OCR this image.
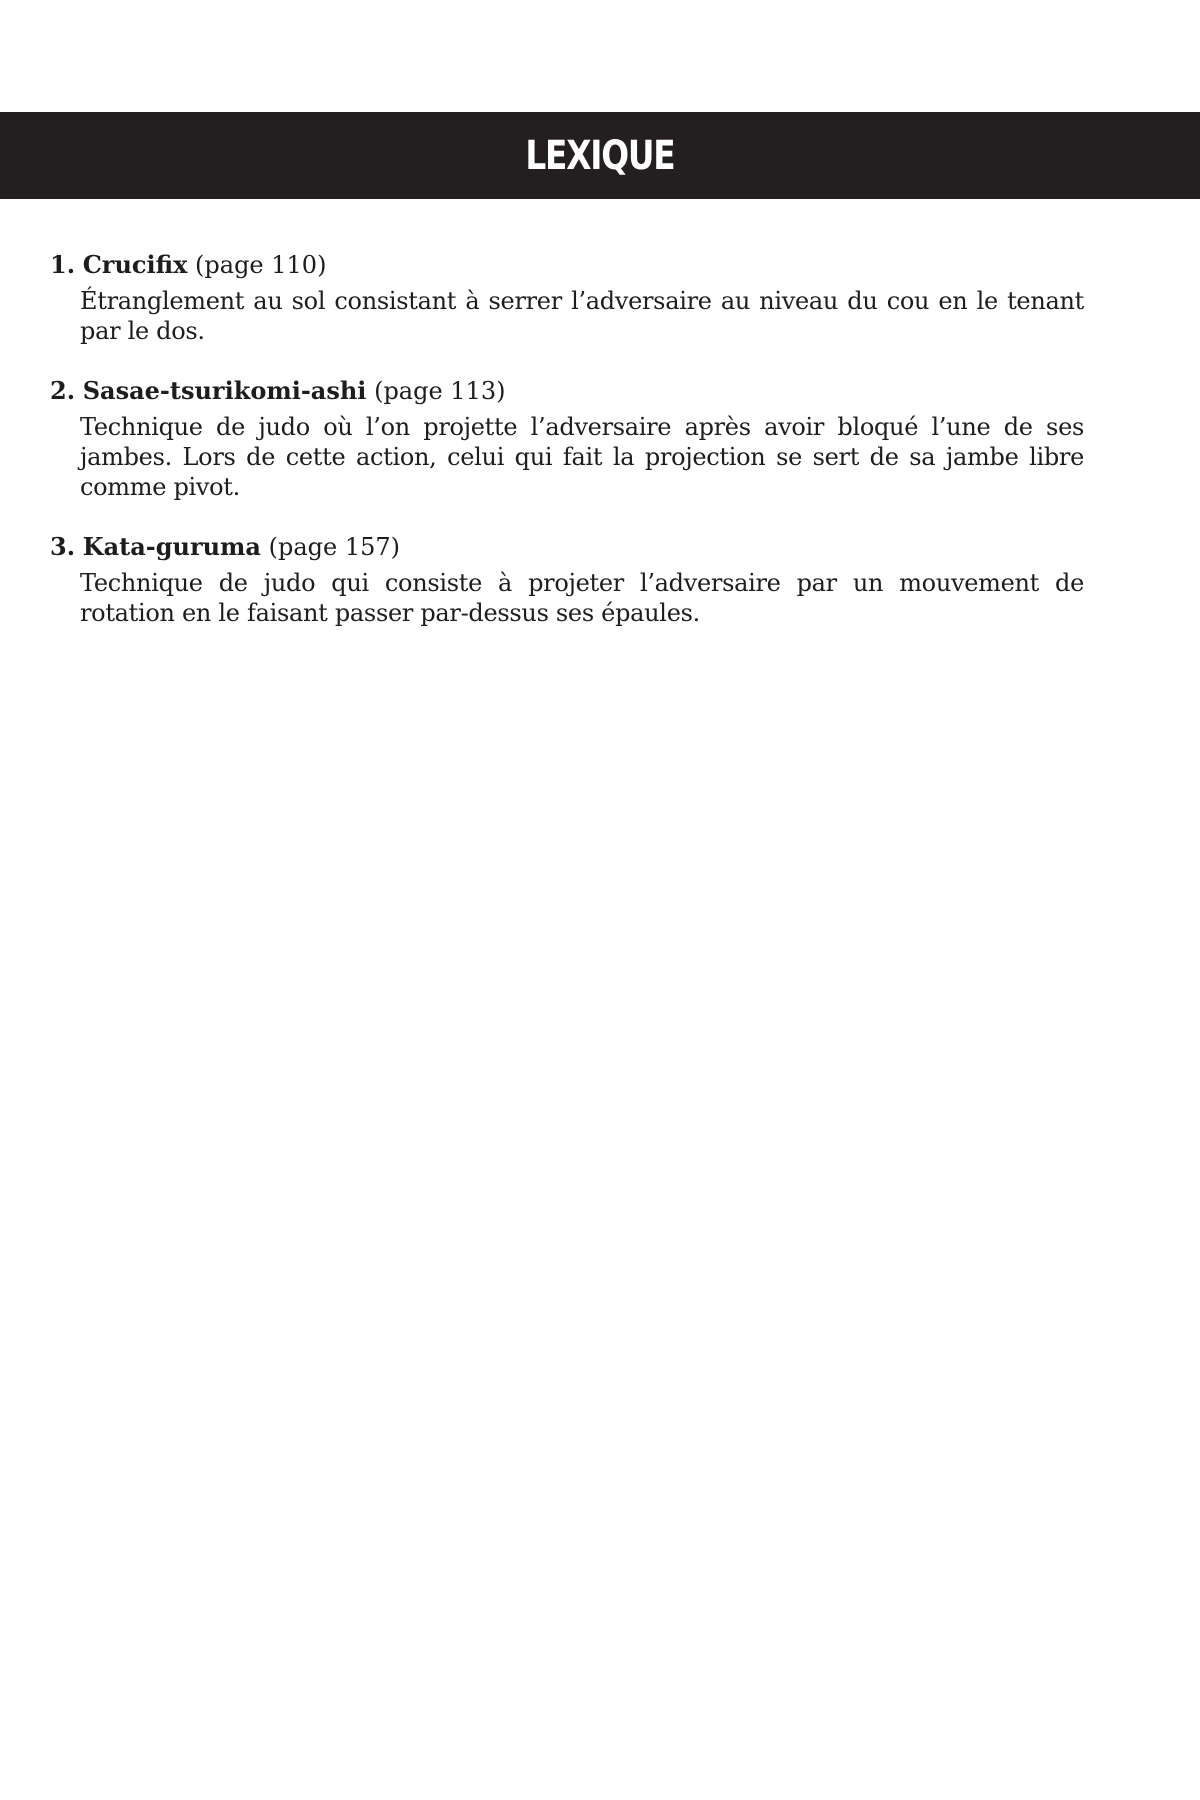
LEXIQUE
1. Crucifix (page 110)

Étranglement au sol consistant à serrer l’adversaire au niveau du cou en le tenant par le dos.

2. Sasae-tsurikomi-ashi (page 113)

Technique de judo où l’on projette l’adversaire après avoir bloqué l’une de ses jambes. Lors de cette action, celui qui fait la projection se sert de sa jambe libre comme pivot.

3. Kata-guruma (page 157)

Technique de judo qui consiste à projeter l’adversaire par un mouvement de rotation en le faisant passer par-dessus ses épaules.
